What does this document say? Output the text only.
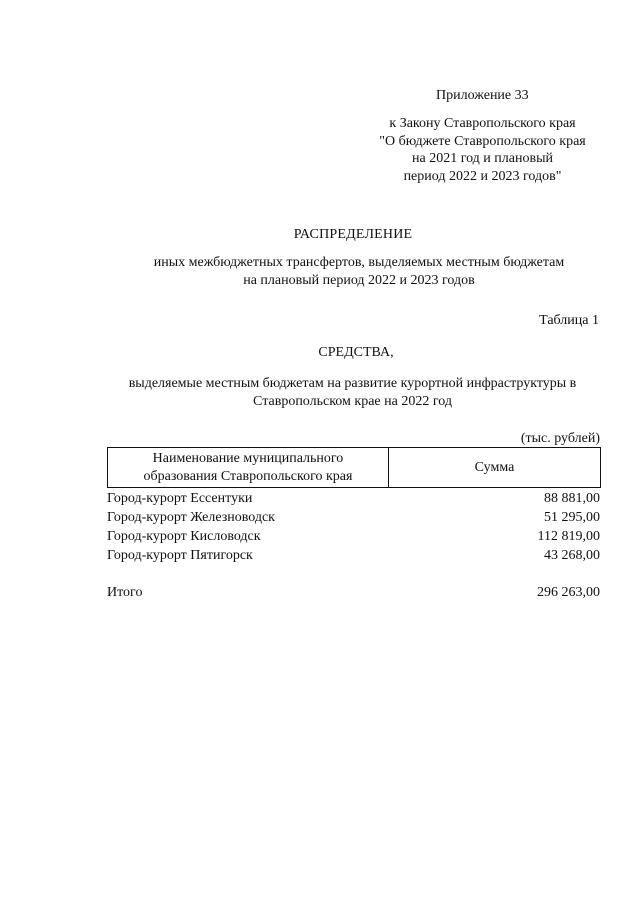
Приложение 33
к Закону Ставропольского края
"О бюджете Ставропольского края
на 2021 год и плановый
период 2022 и 2023 годов"
РАСПРЕДЕЛЕНИЕ
иных межбюджетных трансфертов, выделяемых местным бюджетам
на плановый период 2022 и 2023 годов
Таблица 1
СРЕДСТВА,
выделяемые местным бюджетам на развитие курортной инфраструктуры в
Ставропольском крае на 2022 год
(тыс. рублей)
Наименование муниципального
образования Ставропольского края
Сумма
Город-курорт Ессентуки	88 881,00
Город-курорт Железноводск	51 295,00
Город-курорт Кисловодск	112 819,00
Город-курорт Пятигорск	43 268,00
Итого	296 263,00
